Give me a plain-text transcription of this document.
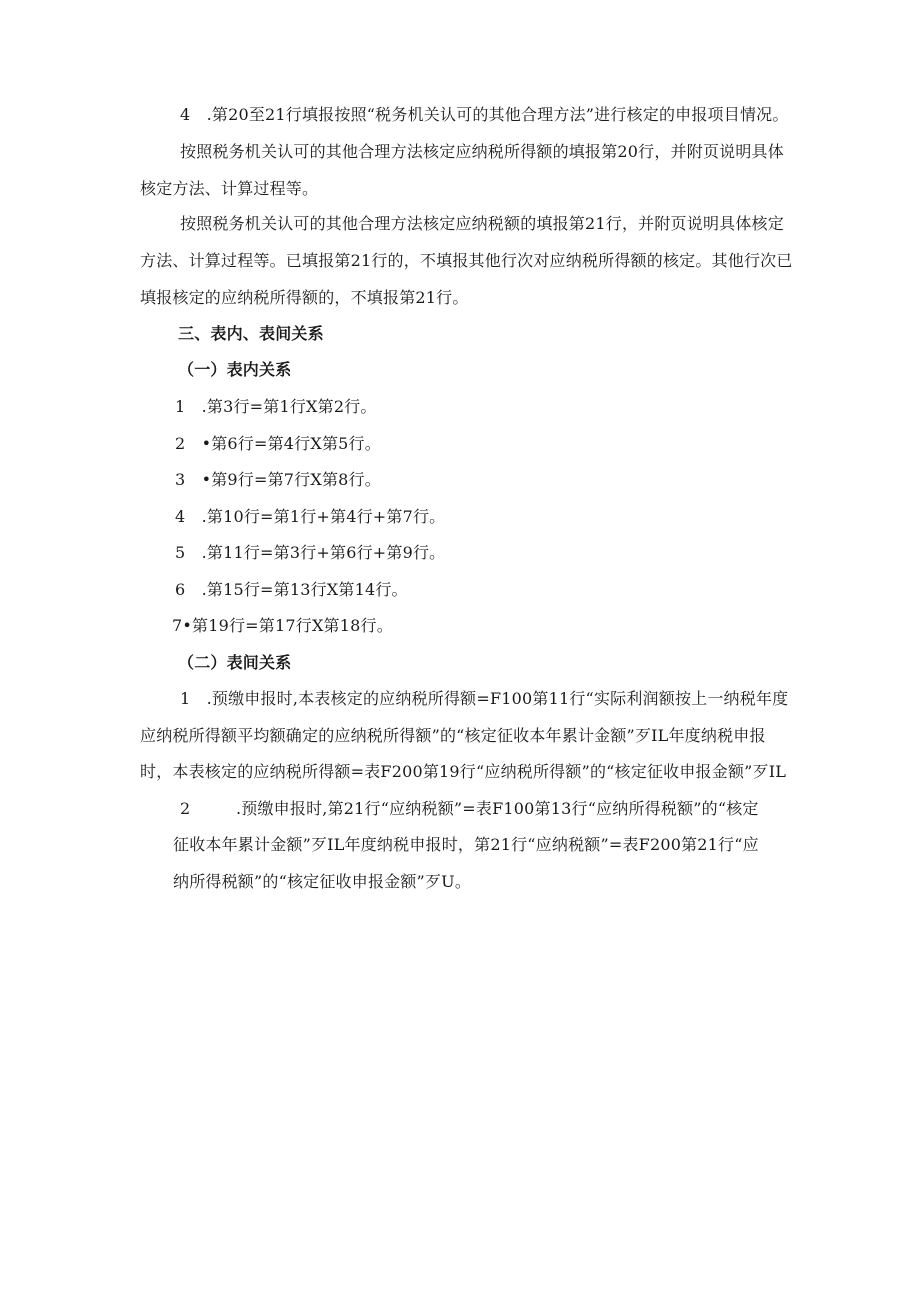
4　.第20至21行填报按照“税务机关认可的其他合理方法”进行核定的申报项目情况。
按照税务机关认可的其他合理方法核定应纳税所得额的填报第20行，并附页说明具体
核定方法、计算过程等。
按照税务机关认可的其他合理方法核定应纳税额的填报第21行，并附页说明具体核定
方法、计算过程等。已填报第21行的，不填报其他行次对应纳税所得额的核定。其他行次已
填报核定的应纳税所得额的，不填报第21行。
三、表内、表间关系
（一）表内关系
1　.第3行=第1行X第2行。
2　•第6行=第4行X第5行。
3　•第9行=第7行X第8行。
4　.第10行=第1行+第4行+第7行。
5　.第11行=第3行+第6行+第9行。
6　.第15行=第13行X第14行。
7•第19行=第17行X第18行。
（二）表间关系
1　.预缴申报时,本表核定的应纳税所得额=F100第11行“实际利润额按上一纳税年度
应纳税所得额平均额确定的应纳税所得额”的“核定征收本年累计金额”歹IL年度纳税申报
时，本表核定的应纳税所得额=表F200第19行“应纳税所得额”的“核定征收申报金额”歹IL
2	.预缴申报时,第21行“应纳税额”=表F100第13行“应纳所得税额”的“核定
征收本年累计金额”歹IL年度纳税申报时，第21行“应纳税额”=表F200第21行“应
纳所得税额”的“核定征收申报金额”歹U。
